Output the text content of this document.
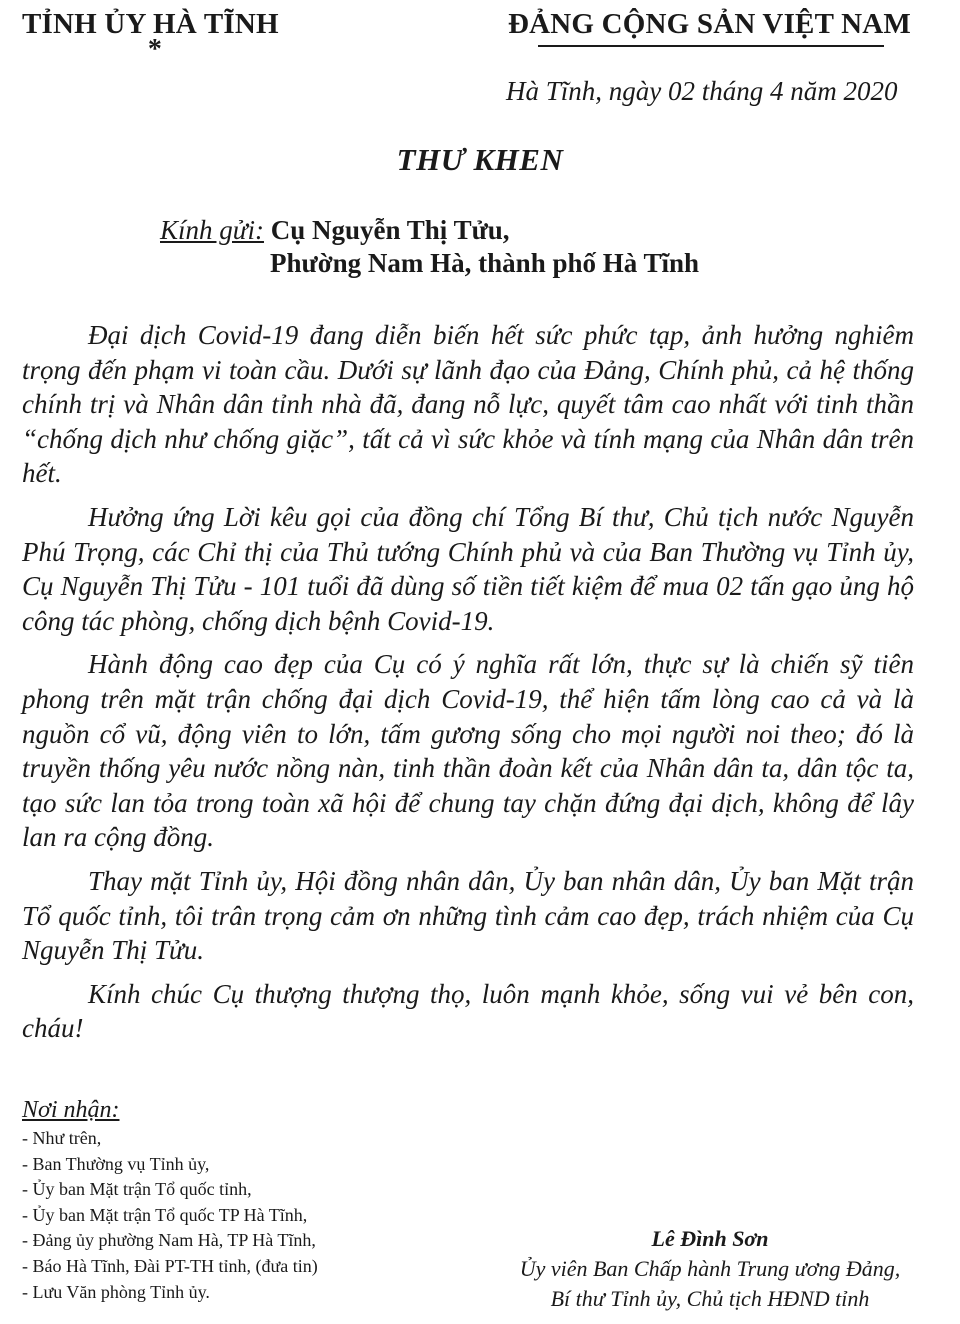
TỈNH ỦY HÀ TĨNH
*
ĐẢNG CỘNG SẢN VIỆT NAM
Hà Tĩnh, ngày 02 tháng 4 năm 2020
THƯ KHEN
Kính gửi: Cụ Nguyễn Thị Tửu,
Phường Nam Hà, thành phố Hà Tĩnh

Đại dịch Covid-19 đang diễn biến hết sức phức tạp, ảnh hưởng nghiêm trọng đến phạm vi toàn cầu. Dưới sự lãnh đạo của Đảng, Chính phủ, cả hệ thống chính trị và Nhân dân tỉnh nhà đã, đang nỗ lực, quyết tâm cao nhất với tinh thần “chống dịch như chống giặc”, tất cả vì sức khỏe và tính mạng của Nhân dân trên hết.

Hưởng ứng Lời kêu gọi của đồng chí Tổng Bí thư, Chủ tịch nước Nguyễn Phú Trọng, các Chỉ thị của Thủ tướng Chính phủ và của Ban Thường vụ Tỉnh ủy, Cụ Nguyễn Thị Tửu - 101 tuổi đã dùng số tiền tiết kiệm để mua 02 tấn gạo ủng hộ công tác phòng, chống dịch bệnh Covid-19.

Hành động cao đẹp của Cụ có ý nghĩa rất lớn, thực sự là chiến sỹ tiên phong trên mặt trận chống đại dịch Covid-19, thể hiện tấm lòng cao cả và là nguồn cổ vũ, động viên to lớn, tấm gương sống cho mọi người noi theo; đó là truyền thống yêu nước nồng nàn, tinh thần đoàn kết của Nhân dân ta, dân tộc ta, tạo sức lan tỏa trong toàn xã hội để chung tay chặn đứng đại dịch, không để lây lan ra cộng đồng.

Thay mặt Tỉnh ủy, Hội đồng nhân dân, Ủy ban nhân dân, Ủy ban Mặt trận Tổ quốc tỉnh, tôi trân trọng cảm ơn những tình cảm cao đẹp, trách nhiệm của Cụ Nguyễn Thị Tửu.

Kính chúc Cụ thượng thượng thọ, luôn mạnh khỏe, sống vui vẻ bên con, cháu!

Nơi nhận:
- Như trên,
- Ban Thường vụ Tỉnh ủy,
- Ủy ban Mặt trận Tổ quốc tỉnh,
- Ủy ban Mặt trận Tổ quốc TP Hà Tĩnh,
- Đảng ủy phường Nam Hà, TP Hà Tĩnh,
- Báo Hà Tĩnh, Đài PT-TH tỉnh, (đưa tin)
- Lưu Văn phòng Tỉnh ủy.
Lê Đình Sơn
Ủy viên Ban Chấp hành Trung ương Đảng,
Bí thư Tỉnh ủy, Chủ tịch HĐND tỉnh
